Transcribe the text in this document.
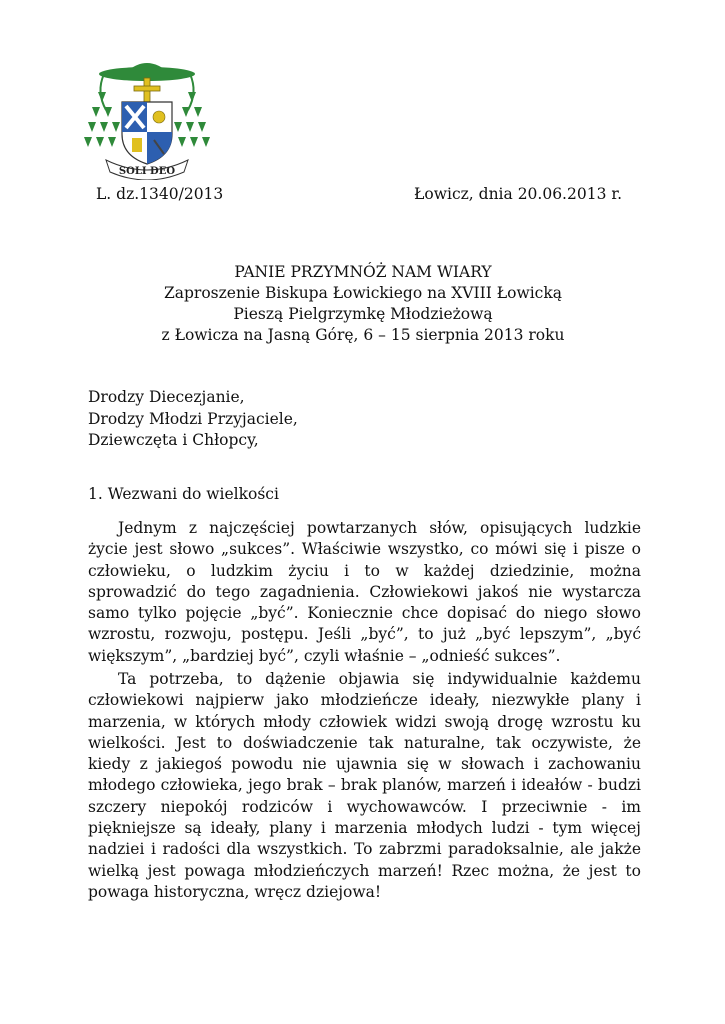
SOLI DEO
L. dz.1340/2013	Łowicz, dnia 20.06.2013 r.
PANIE PRZYMNÓŻ NAM WIARY
Zaproszenie Biskupa Łowickiego na XVIII Łowicką
Pieszą Pielgrzymkę Młodzieżową
z Łowicza na Jasną Górę, 6 – 15 sierpnia 2013 roku
Drodzy Diecezjanie,
Drodzy Młodzi Przyjaciele,
Dziewczęta i Chłopcy,
1. Wezwani do wielkości

Jednym z najczęściej powtarzanych słów, opisujących ludzkie życie jest słowo „sukces”. Właściwie wszystko, co mówi się i pisze o człowieku, o ludzkim życiu i to w każdej dziedzinie, można sprowadzić do tego zagadnienia. Człowiekowi jakoś nie wystarcza samo tylko pojęcie „być”. Koniecznie chce dopisać do niego słowo wzrostu, rozwoju, postępu. Jeśli „być”, to już „być lepszym”, „być większym”, „bardziej być”, czyli właśnie – „odnieść sukces”.

Ta potrzeba, to dążenie objawia się indywidualnie każdemu człowiekowi najpierw jako młodzieńcze ideały, niezwykłe plany i marzenia, w których młody człowiek widzi swoją drogę wzrostu ku wielkości. Jest to doświadczenie tak naturalne, tak oczywiste, że kiedy z jakiegoś powodu nie ujawnia się w słowach i zachowaniu młodego człowieka, jego brak – brak planów, marzeń i ideałów - budzi szczery niepokój rodziców i wychowawców. I przeciwnie - im piękniejsze są ideały, plany i marzenia młodych ludzi - tym więcej nadziei i radości dla wszystkich. To zabrzmi paradoksalnie, ale jakże wielką jest powaga młodzieńczych marzeń! Rzec można, że jest to powaga historyczna, wręcz dziejowa!
